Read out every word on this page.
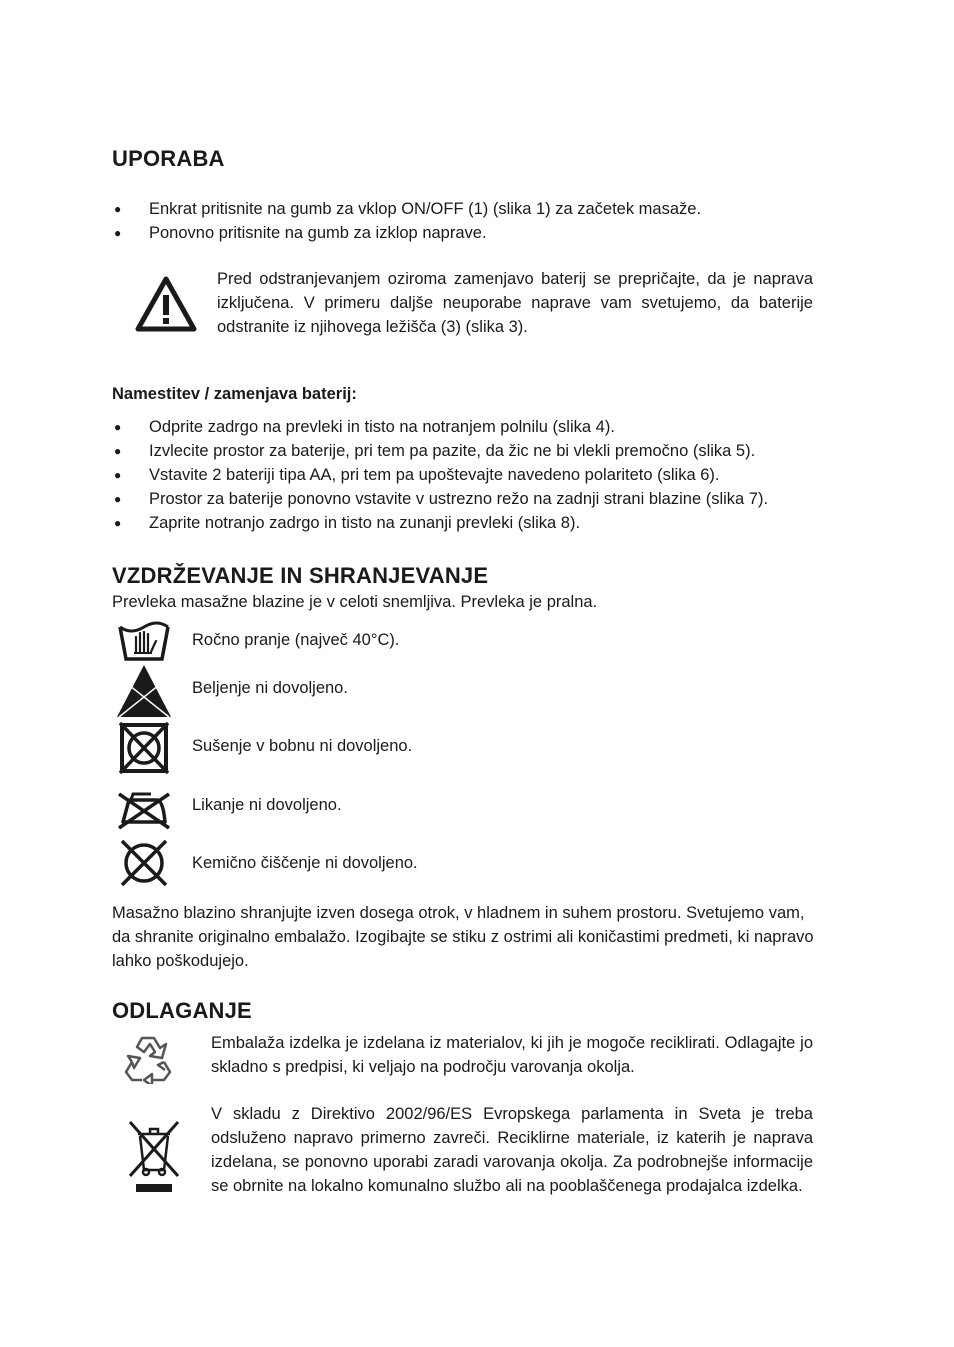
UPORABA
●	Enkrat pritisnite na gumb za vklop ON/OFF (1) (slika 1) za začetek masaže.
●	Ponovno pritisnite na gumb za izklop naprave.
Pred odstranjevanjem oziroma zamenjavo baterij se prepričajte, da je naprava izključena. V primeru daljše neuporabe naprave vam svetujemo, da baterije odstranite iz njihovega ležišča (3) (slika 3).
Namestitev / zamenjava baterij:
●	Odprite zadrgo na prevleki in tisto na notranjem polnilu (slika 4).
●	Izvlecite prostor za baterije, pri tem pa pazite, da žic ne bi vlekli premočno (slika 5).
●	Vstavite 2 bateriji tipa AA, pri tem pa upoštevajte navedeno polariteto (slika 6).
●	Prostor za baterije ponovno vstavite v ustrezno režo na zadnji strani blazine (slika 7).
●	Zaprite notranjo zadrgo in tisto na zunanji prevleki (slika 8).
VZDRŽEVANJE IN SHRANJEVANJE
Prevleka masažne blazine je v celoti snemljiva. Prevleka je pralna.
Ročno pranje (največ 40°C).
Beljenje ni dovoljeno.
Sušenje v bobnu ni dovoljeno.
Likanje ni dovoljeno.
Kemično čiščenje ni dovoljeno.
Masažno blazino shranjujte izven dosega otrok, v hladnem in suhem prostoru. Svetujemo vam, da shranite originalno embalažo. Izogibajte se stiku z ostrimi ali koničastimi predmeti, ki napravo lahko poškodujejo.
ODLAGANJE
Embalaža izdelka je izdelana iz materialov, ki jih je mogoče reciklirati. Odlagajte jo skladno s predpisi, ki veljajo na področju varovanja okolja.
V skladu z Direktivo 2002/96/ES Evropskega parlamenta in Sveta je treba odsluženo napravo primerno zavreči. Reciklirne materiale, iz katerih je naprava izdelana, se ponovno uporabi zaradi varovanja okolja. Za podrobnejše informacije se obrnite na lokalno komunalno službo ali na pooblaščenega prodajalca izdelka.
